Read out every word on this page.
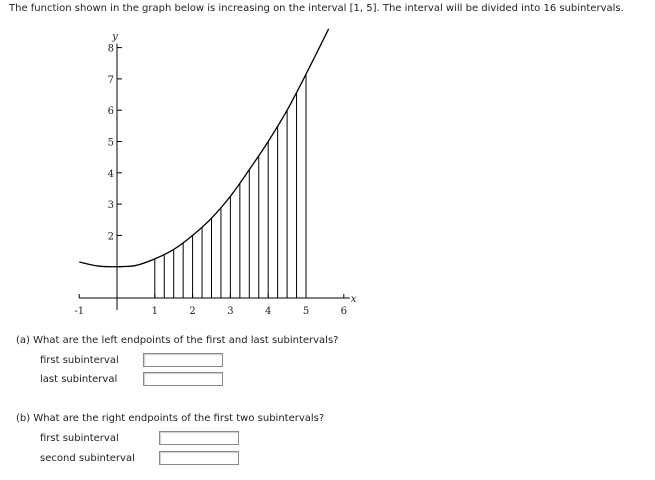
The function shown in the graph below is increasing on the interval [1, 5]. The interval will be divided into 16 subintervals.
-1	1	2	3	4	5	6
2
3
4
5
6
7
8
y
x
(a) What are the left endpoints of the first and last subintervals?
first subinterval
last subinterval
(b) What are the right endpoints of the first two subintervals?
first subinterval
second subinterval
